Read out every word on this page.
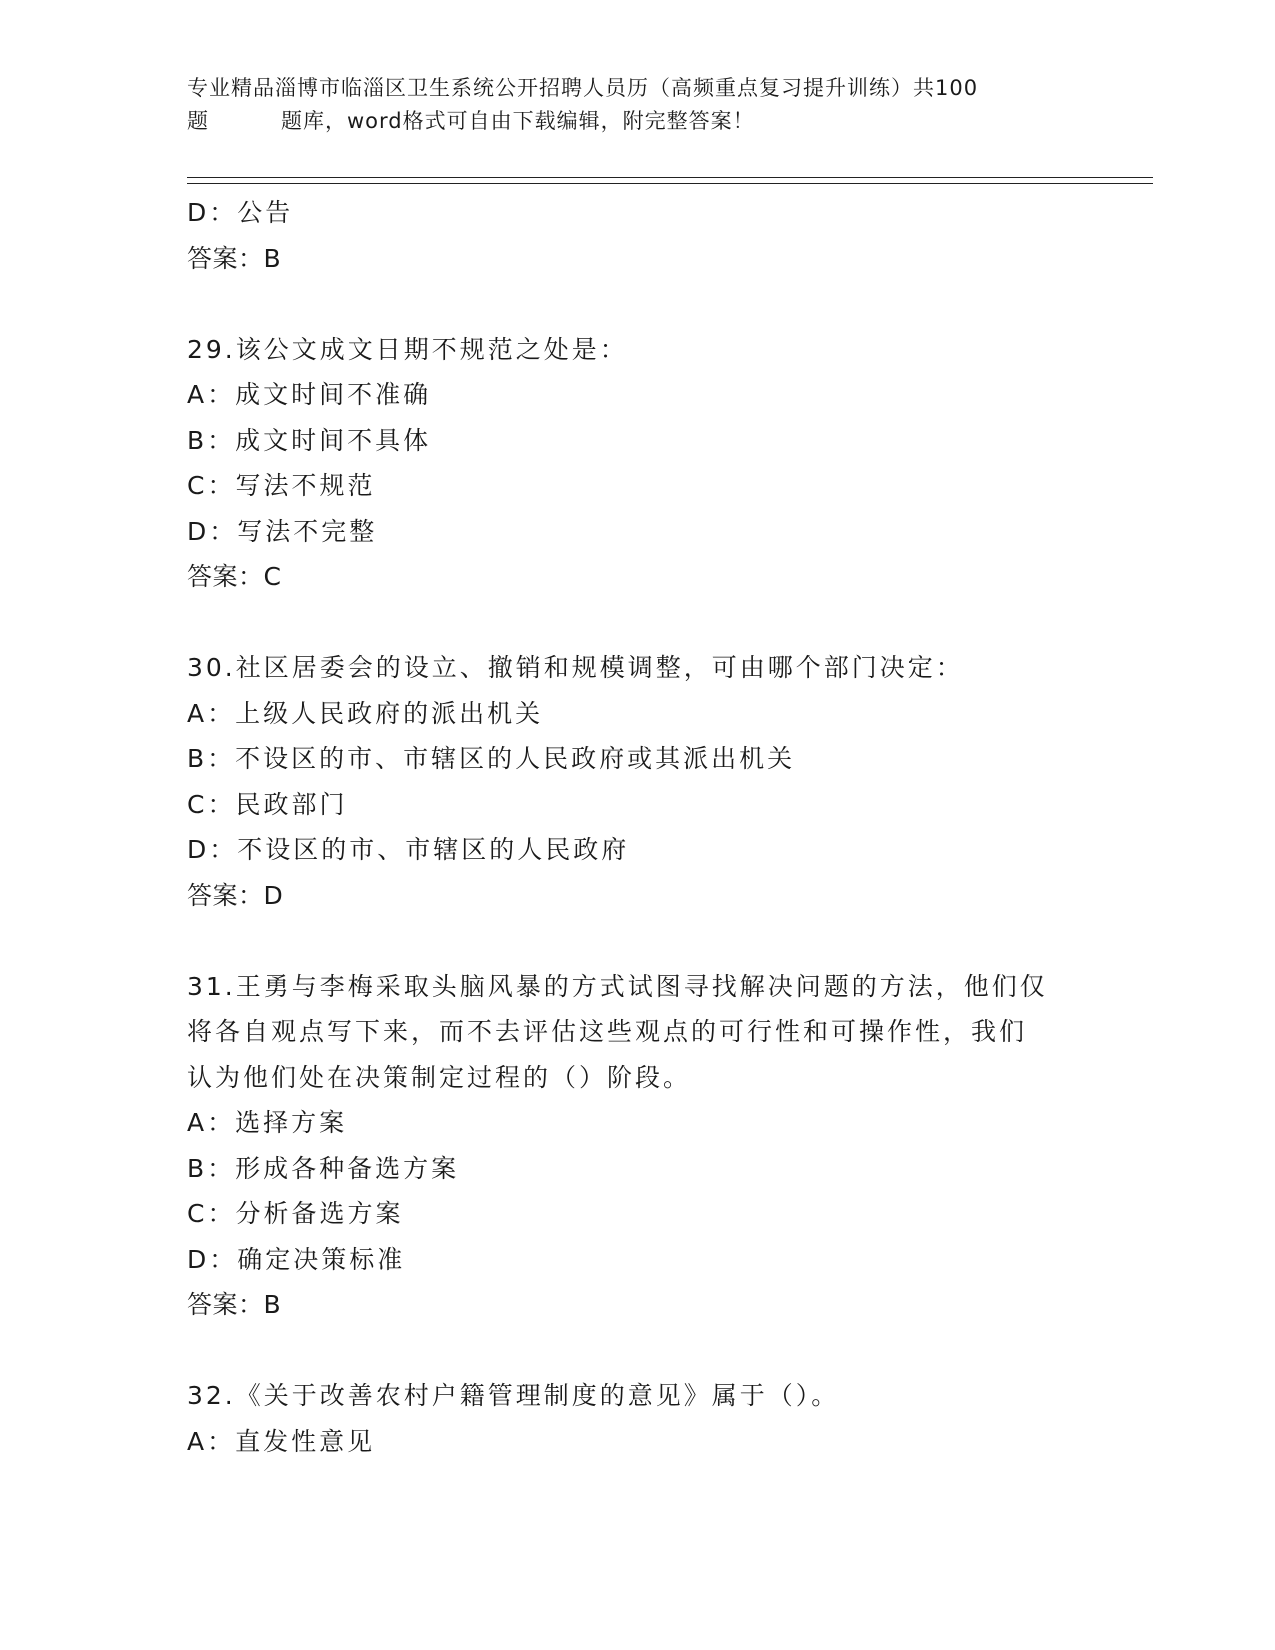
专业精品淄博市临淄区卫生系统公开招聘人员历（高频重点复习提升训练）共100
题	题库，word格式可自由下载编辑，附完整答案！
D：公告
答案：B
29.该公文成文日期不规范之处是：
A：成文时间不准确
B：成文时间不具体
C：写法不规范
D：写法不完整
答案：C
30.社区居委会的设立、撤销和规模调整，可由哪个部门决定：
A：上级人民政府的派出机关
B：不设区的市、市辖区的人民政府或其派出机关
C：民政部门
D：不设区的市、市辖区的人民政府
答案：D
31.王勇与李梅采取头脑风暴的方式试图寻找解决问题的方法，他们仅
将各自观点写下来，而不去评估这些观点的可行性和可操作性，我们
认为他们处在决策制定过程的（）阶段。
A：选择方案
B：形成各种备选方案
C：分析备选方案
D：确定决策标准
答案：B
32.《关于改善农村户籍管理制度的意见》属于（）。
A：直发性意见
